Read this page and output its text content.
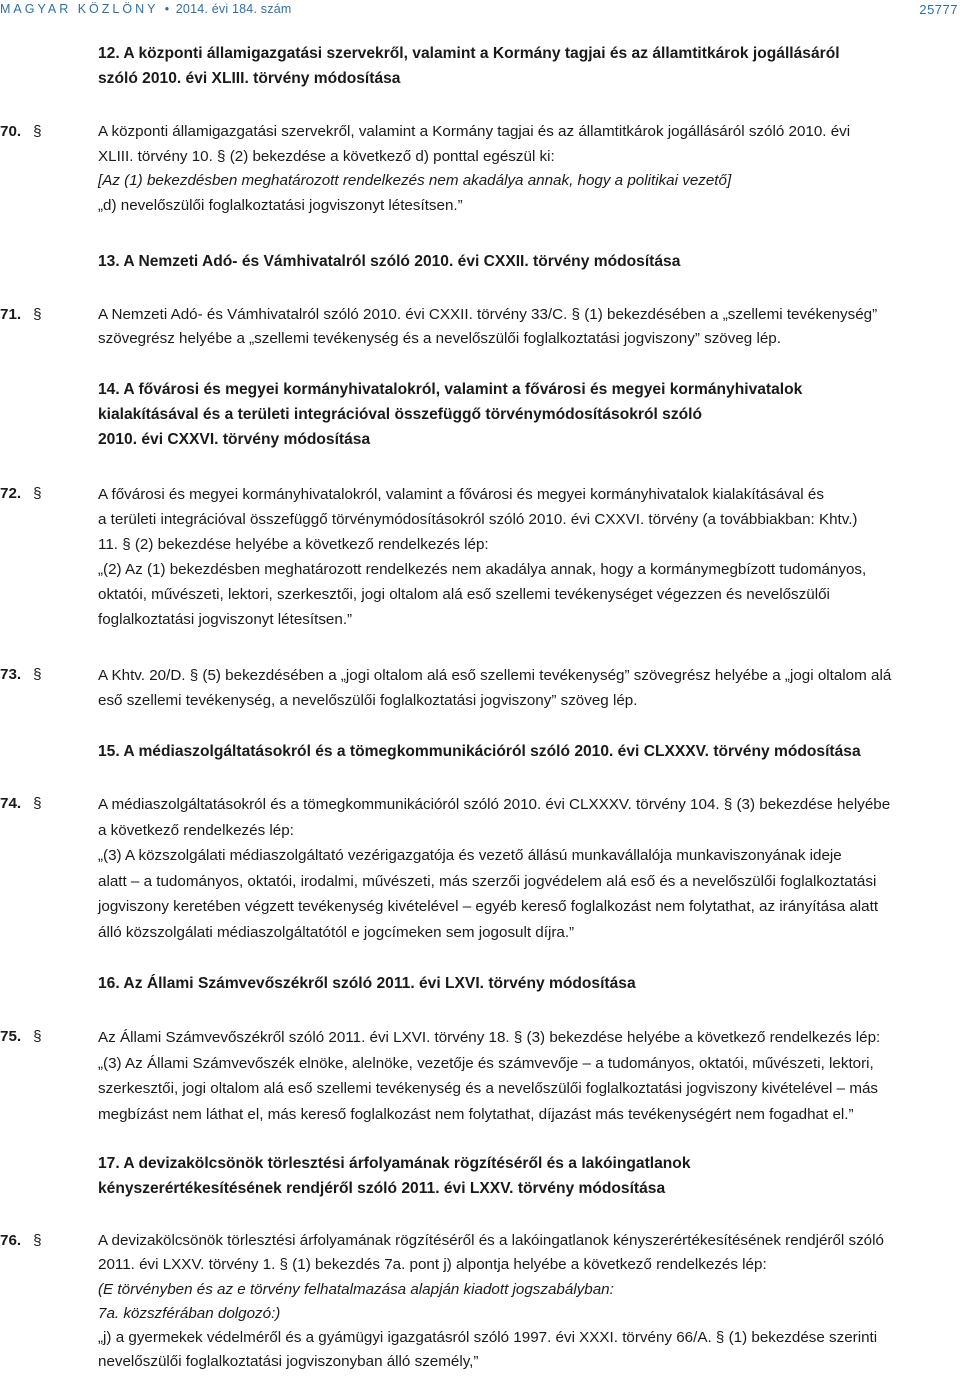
MAGYAR KÖZLÖNY • 2014. évi 184. szám	25777
12. A központi államigazgatási szervekről, valamint a Kormány tagjai és az államtitkárok jogállásáról
szóló 2010. évi XLIII. törvény módosítása
70. §	A központi államigazgatási szervekről, valamint a Kormány tagjai és az államtitkárok jogállásáról szóló 2010. évi
XLIII. törvény 10. § (2) bekezdése a következő d) ponttal egészül ki:
[Az (1) bekezdésben meghatározott rendelkezés nem akadálya annak, hogy a politikai vezető]
„d) nevelőszülői foglalkoztatási jogviszonyt létesítsen.”
13. A Nemzeti Adó- és Vámhivatalról szóló 2010. évi CXXII. törvény módosítása
71. §	A Nemzeti Adó- és Vámhivatalról szóló 2010. évi CXXII. törvény 33/C. § (1) bekezdésében a „szellemi tevékenység”
szövegrész helyébe a „szellemi tevékenység és a nevelőszülői foglalkoztatási jogviszony” szöveg lép.
14. A fővárosi és megyei kormányhivatalokról, valamint a fővárosi és megyei kormányhivatalok
kialakításával és a területi integrációval összefüggő törvénymódosításokról szóló
2010. évi CXXVI. törvény módosítása
72. §	A fővárosi és megyei kormányhivatalokról, valamint a fővárosi és megyei kormányhivatalok kialakításával és
a területi integrációval összefüggő törvénymódosításokról szóló 2010. évi CXXVI. törvény (a továbbiakban: Khtv.)
11. § (2) bekezdése helyébe a következő rendelkezés lép:
„(2) Az (1) bekezdésben meghatározott rendelkezés nem akadálya annak, hogy a kormánymegbízott tudományos,
oktatói, művészeti, lektori, szerkesztői, jogi oltalom alá eső szellemi tevékenységet végezzen és nevelőszülői
foglalkoztatási jogviszonyt létesítsen.”
73. §	A Khtv. 20/D. § (5) bekezdésében a „jogi oltalom alá eső szellemi tevékenység” szövegrész helyébe a „jogi oltalom alá
eső szellemi tevékenység, a nevelőszülői foglalkoztatási jogviszony” szöveg lép.
15. A médiaszolgáltatásokról és a tömegkommunikációról szóló 2010. évi CLXXXV. törvény módosítása
74. §	A médiaszolgáltatásokról és a tömegkommunikációról szóló 2010. évi CLXXXV. törvény 104. § (3) bekezdése helyébe
a következő rendelkezés lép:
„(3) A közszolgálati médiaszolgáltató vezérigazgatója és vezető állású munkavállalója munkaviszonyának ideje
alatt – a tudományos, oktatói, irodalmi, művészeti, más szerzői jogvédelem alá eső és a nevelőszülői foglalkoztatási
jogviszony keretében végzett tevékenység kivételével – egyéb kereső foglalkozást nem folytathat, az irányítása alatt
álló közszolgálati médiaszolgáltatótól e jogcímeken sem jogosult díjra.”
16. Az Állami Számvevőszékről szóló 2011. évi LXVI. törvény módosítása
75. §	Az Állami Számvevőszékről szóló 2011. évi LXVI. törvény 18. § (3) bekezdése helyébe a következő rendelkezés lép:
„(3) Az Állami Számvevőszék elnöke, alelnöke, vezetője és számvevője – a tudományos, oktatói, művészeti, lektori,
szerkesztői, jogi oltalom alá eső szellemi tevékenység és a nevelőszülői foglalkoztatási jogviszony kivételével – más
megbízást nem láthat el, más kereső foglalkozást nem folytathat, díjazást más tevékenységért nem fogadhat el.”
17. A devizakölcsönök törlesztési árfolyamának rögzítéséről és a lakóingatlanok
kényszerértékesítésének rendjéről szóló 2011. évi LXXV. törvény módosítása
76. §	A devizakölcsönök törlesztési árfolyamának rögzítéséről és a lakóingatlanok kényszerértékesítésének rendjéről szóló
2011. évi LXXV. törvény 1. § (1) bekezdés 7a. pont j) alpontja helyébe a következő rendelkezés lép:
(E törvényben és az e törvény felhatalmazása alapján kiadott jogszabályban:
7a. közszférában dolgozó:)
„j) a gyermekek védelméről és a gyámügyi igazgatásról szóló 1997. évi XXXI. törvény 66/A. § (1) bekezdése szerinti
nevelőszülői foglalkoztatási jogviszonyban álló személy,”
